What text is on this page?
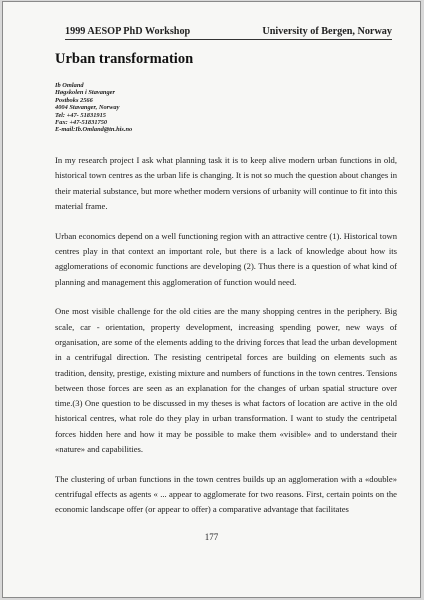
1999 AESOP PhD Workshop	University of Bergen, Norway
Urban transformation
Ib Omland
Høgskolen i Stavanger
Postboks 2566
4004 Stavanger, Norway
Tel: +47- 51831915
Fax: +47-51831750
E-mail:Ib.Omland@tn.his.no

In my research project I ask what planning task it is to keep alive modern urban functions in old, historical town centres as the urban life is changing. It is not so much the question about changes in their material substance, but more whether modern versions of urbanity will continue to fit into this material frame.

Urban economics depend on a well functioning region with an attractive centre (1). Historical town centres play in that context an important role, but there is a lack of knowledge about how its agglomerations of economic functions are developing (2). Thus there is a question of what kind of planning and management this agglomeration of function would need.

One most visible challenge for the old cities are the many shopping centres in the periphery. Big scale, car - orientation, property development, increasing spending power, new ways of organisation, are some of the elements adding to the driving forces that lead the urban development in a centrifugal direction. The resisting centripetal forces are building on elements such as tradition, density, prestige, existing mixture and numbers of functions in the town centres. Tensions between those forces are seen as an explanation for the changes of urban spatial structure over time.(3) One question to be discussed in my theses is what factors of location are active in the old historical centres, what role do they play in urban transformation. I want to study the centripetal forces hidden here and how it may be possible to make them «visible» and to understand their «nature» and capabilities.

The clustering of urban functions in the town centres builds up an agglomeration with a «double» centrifugal effects as agents « ... appear to agglomerate for two reasons. First, certain points on the economic landscape offer (or appear to offer) a comparative advantage that facilitates

177
